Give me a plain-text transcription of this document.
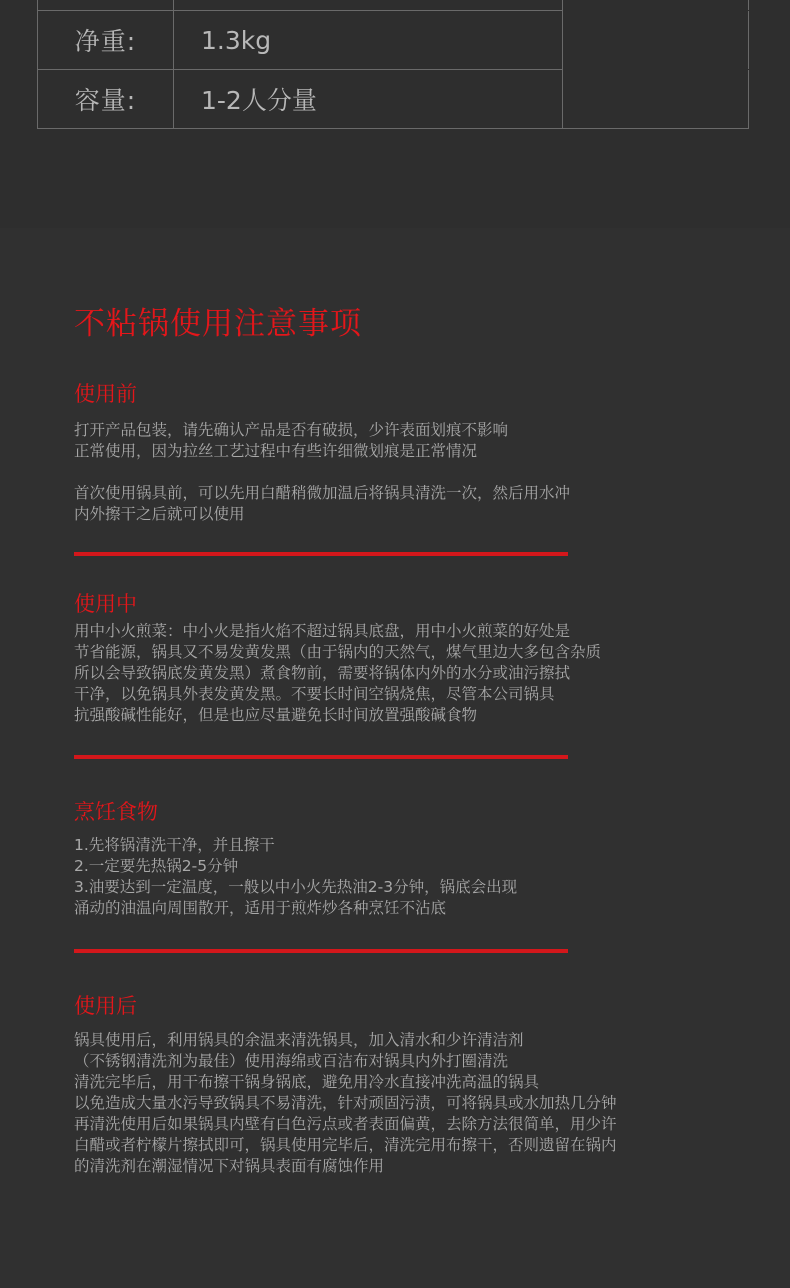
净重:	1.3kg	
容量:	1-2人分量	
不粘锅使用注意事项
使用前

打开产品包装，请先确认产品是否有破损，少许表面划痕不影响
正常使用，因为拉丝工艺过程中有些许细微划痕是正常情况

首次使用锅具前，可以先用白醋稍微加温后将锅具清洗一次，然后用水冲
内外擦干之后就可以使用

使用中

用中小火煎菜：中小火是指火焰不超过锅具底盘，用中小火煎菜的好处是
节省能源，锅具又不易发黄发黑（由于锅内的天然气，煤气里边大多包含杂质
所以会导致锅底发黄发黑）煮食物前，需要将锅体内外的水分或油污擦拭
干净，以免锅具外表发黄发黑。不要长时间空锅烧焦，尽管本公司锅具
抗强酸碱性能好，但是也应尽量避免长时间放置强酸碱食物

烹饪食物

1.先将锅清洗干净，并且擦干
2.一定要先热锅2-5分钟
3.油要达到一定温度，一般以中小火先热油2-3分钟，锅底会出现
涌动的油温向周围散开，适用于煎炸炒各种烹饪不沾底

使用后

锅具使用后，利用锅具的余温来清洗锅具，加入清水和少许清洁剂
（不锈钢清洗剂为最佳）使用海绵或百洁布对锅具内外打圈清洗
清洗完毕后，用干布擦干锅身锅底，避免用冷水直接冲洗高温的锅具
以免造成大量水污导致锅具不易清洗，针对顽固污渍，可将锅具或水加热几分钟
再清洗使用后如果锅具内壁有白色污点或者表面偏黄，去除方法很简单，用少许
白醋或者柠檬片擦拭即可，锅具使用完毕后，清洗完用布擦干，否则遗留在锅内
的清洗剂在潮湿情况下对锅具表面有腐蚀作用
